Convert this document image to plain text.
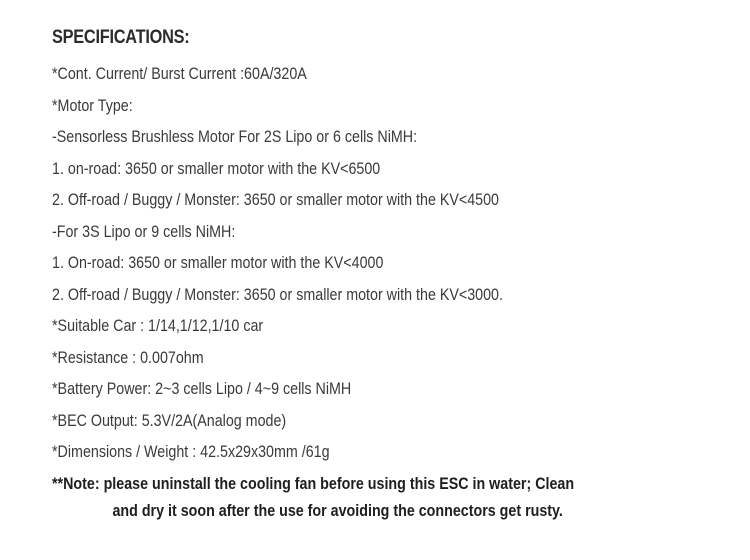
SPECIFICATIONS:
*Cont. Current/ Burst Current :60A/320A
*Motor Type:
-Sensorless Brushless Motor For 2S Lipo or 6 cells NiMH:
1. on-road: 3650 or smaller motor with the KV<6500
2. Off-road / Buggy / Monster: 3650 or smaller motor with the KV<4500
-For 3S Lipo or 9 cells NiMH:
1. On-road: 3650 or smaller motor with the KV<4000
2. Off-road / Buggy / Monster: 3650 or smaller motor with the KV<3000.
*Suitable Car : 1/14,1/12,1/10 car
*Resistance : 0.007ohm
*Battery Power: 2~3 cells Lipo / 4~9 cells NiMH
*BEC Output: 5.3V/2A(Analog mode)
*Dimensions / Weight : 42.5x29x30mm /61g
**Note: please uninstall the cooling fan before using this ESC in water; Clean
and dry it soon after the use for avoiding the connectors get rusty.
